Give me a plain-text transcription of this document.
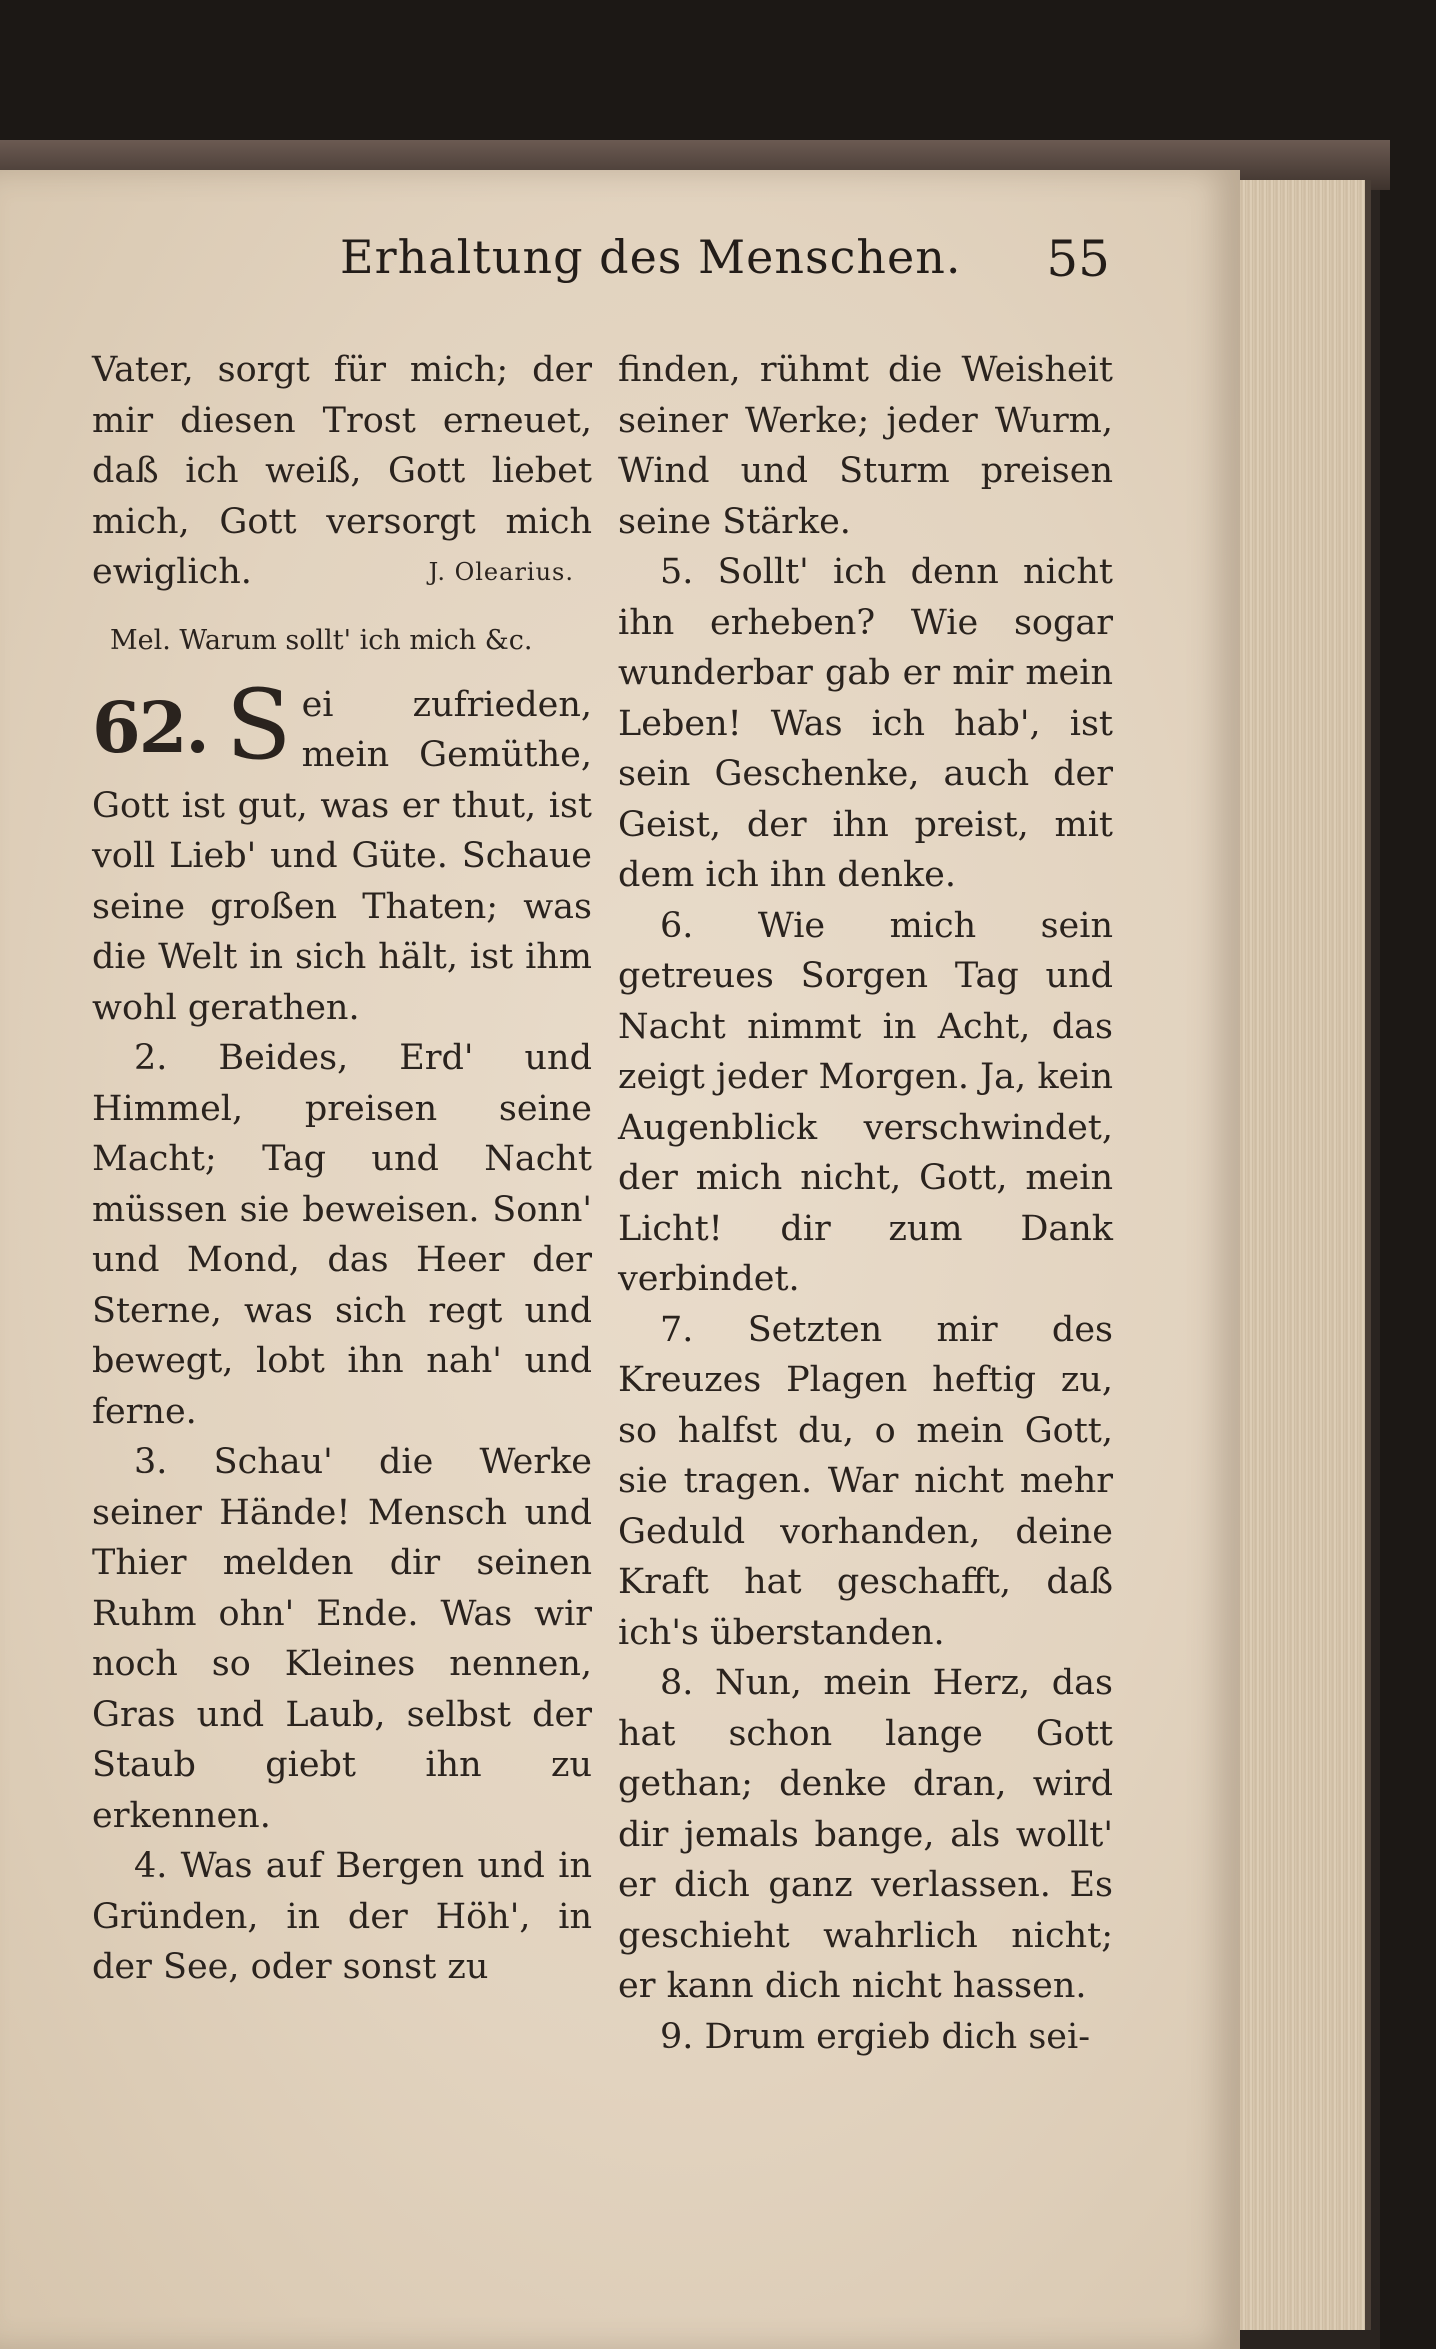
Erhaltung des Menschen. 55

Vater, sorgt für mich; der mir diesen Trost erneuet, daß ich weiß, Gott liebet mich, Gott versorgt mich ewiglich.	J. Olearius.

Mel. Warum sollt' ich mich &c.

62. S ei zufrieden, mein Gemüthe, Gott ist gut, was er thut, ist voll Lieb' und Güte. Schaue seine großen Thaten; was die Welt in sich hält, ist ihm wohl gerathen.

2. Beides, Erd' und Himmel, preisen seine Macht; Tag und Nacht müssen sie beweisen. Sonn' und Mond, das Heer der Sterne, was sich regt und bewegt, lobt ihn nah' und ferne.

3. Schau' die Werke seiner Hände! Mensch und Thier melden dir seinen Ruhm ohn' Ende. Was wir noch so Kleines nennen, Gras und Laub, selbst der Staub giebt ihn zu erkennen.

4. Was auf Bergen und in Gründen, in der Höh', in der See, oder sonst zu

finden, rühmt die Weisheit seiner Werke; jeder Wurm, Wind und Sturm preisen seine Stärke.

5. Sollt' ich denn nicht ihn erheben? Wie sogar wunderbar gab er mir mein Leben! Was ich hab', ist sein Geschenke, auch der Geist, der ihn preist, mit dem ich ihn denke.

6. Wie mich sein getreues Sorgen Tag und Nacht nimmt in Acht, das zeigt jeder Morgen. Ja, kein Augenblick verschwindet, der mich nicht, Gott, mein Licht! dir zum Dank verbindet.

7. Setzten mir des Kreuzes Plagen heftig zu, so halfst du, o mein Gott, sie tragen. War nicht mehr Geduld vorhanden, deine Kraft hat geschafft, daß ich's überstanden.

8. Nun, mein Herz, das hat schon lange Gott gethan; denke dran, wird dir jemals bange, als wollt' er dich ganz verlassen. Es geschieht wahrlich nicht; er kann dich nicht hassen.

9. Drum ergieb dich sei-
